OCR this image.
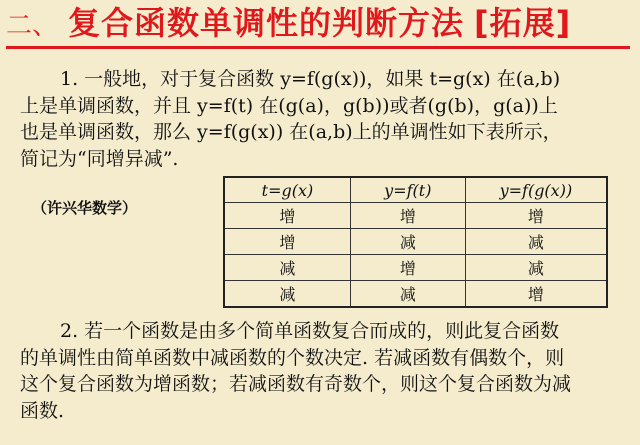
二、 复合函数单调性的判断方法 [拓展]
1. 一般地，对于复合函数 y=f(g(x))，如果 t=g(x) 在(a,b)
上是单调函数，并且 y=f(t) 在(g(a)，g(b))或者(g(b)，g(a))上
也是单调函数，那么 y=f(g(x)) 在(a,b)上的单调性如下表所示，
简记为“同增异减”.
（许兴华数学）
t=g(x)	y=f(t)	y=f(g(x))
增	增	增
增	减	减
减	增	减
减	减	增
2. 若一个函数是由多个简单函数复合而成的，则此复合函数
的单调性由简单函数中减函数的个数决定. 若减函数有偶数个，则
这个复合函数为增函数；若减函数有奇数个，则这个复合函数为减
函数.
